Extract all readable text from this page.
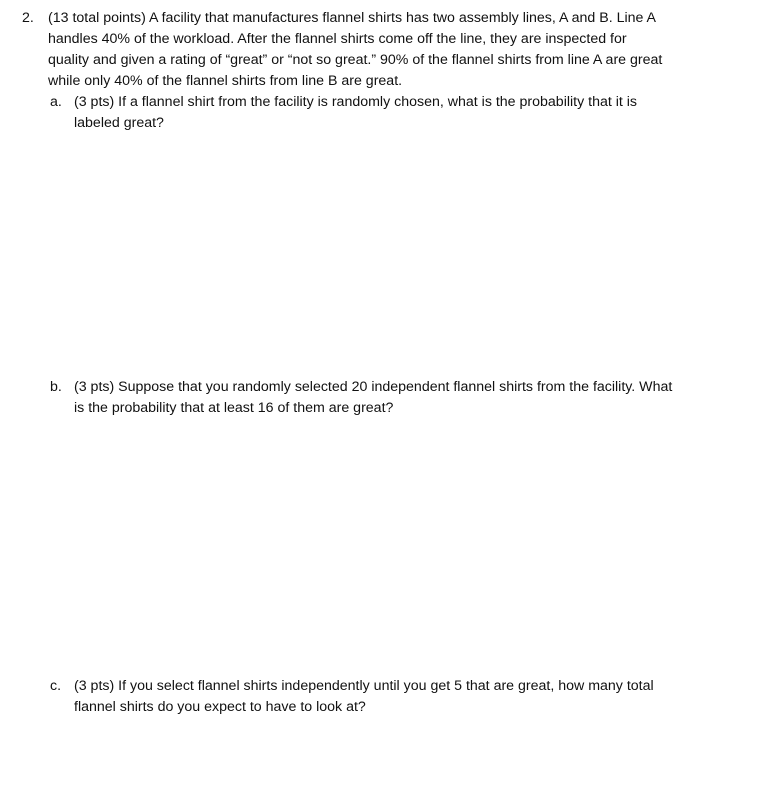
2. (13 total points) A facility that manufactures flannel shirts has two assembly lines, A and B. Line A
handles 40% of the workload. After the flannel shirts come off the line, they are inspected for
quality and given a rating of “great” or “not so great.” 90% of the flannel shirts from line A are great
while only 40% of the flannel shirts from line B are great.
a. (3 pts) If a flannel shirt from the facility is randomly chosen, what is the probability that it is
labeled great?
b. (3 pts) Suppose that you randomly selected 20 independent flannel shirts from the facility. What
is the probability that at least 16 of them are great?
c. (3 pts) If you select flannel shirts independently until you get 5 that are great, how many total
flannel shirts do you expect to have to look at?
